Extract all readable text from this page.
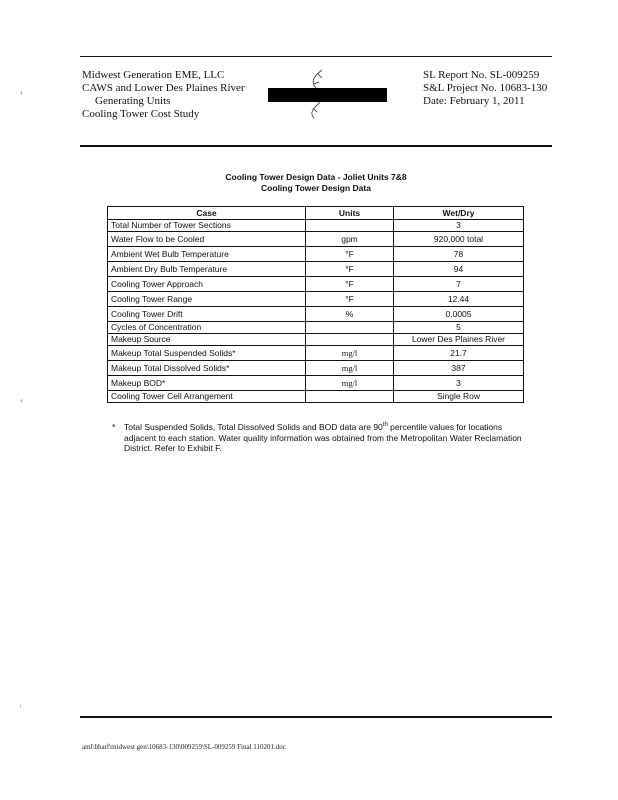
Midwest Generation EME, LLC
CAWS and Lower Des Plaines River
Generating Units
Cooling Tower Cost Study
SL Report No. SL-009259
S&L Project No. 10683-130
Date: February 1, 2011
Cooling Tower Design Data - Joliet Units 7&8
Cooling Tower Design Data
Case	Units	Wet/Dry
Total Number of Tower Sections		3
Water Flow to be Cooled	gpm	920,000 total
Ambient Wet Bulb Temperature	°F	78
Ambient Dry Bulb Temperature	°F	94
Cooling Tower Approach	°F	7
Cooling Tower Range	°F	12.44
Cooling Tower Drift	%	0.0005
Cycles of Concentration		5
Makeup Source		Lower Des Plaines River
Makeup Total Suspended Solids*	mg/l	21.7
Makeup Total Dissolved Solids*	mg/l	387
Makeup BOD*	mg/l	3
Cooling Tower Cell Arrangement		Single Row
*	Total Suspended Solids, Total Dissolved Solids and BOD data are 90th percentile values for locations adjacent to each station. Water quality information was obtained from the Metropolitan Water Reclamation District. Refer to Exhibit F.
aml\bharf\midwest gen\10683-130\009259\SL-009259 Final 110201.doc
‹
‹
'
